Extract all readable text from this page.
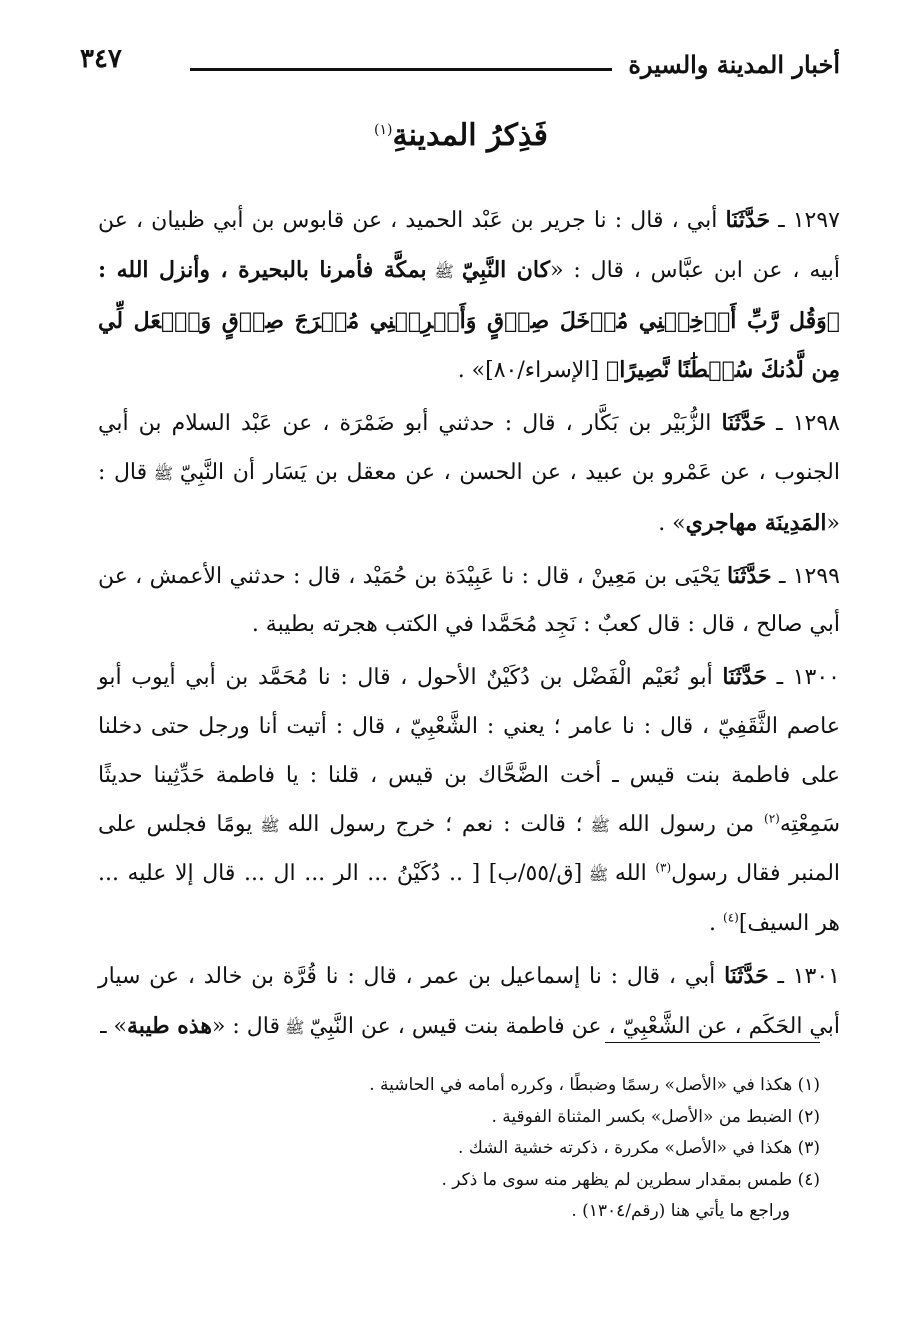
أخبار المدينة والسيرة
٣٤٧
فَذِكرُ المدينةِ$^{(١)}$

١٢٩٧ ـ حَدَّثَنَا أبي ، قال : نا جرير بن عَبْد الحميد ، عن قابوس بن أبي ظبيان ، عن أبيه ، عن ابن عبَّاس ، قال : «كان النَّبِيّ ﷺ بمكَّة فأمرنا بالبحيرة ، وأنزل الله : ﴿وَقُل رَّبِّ أَدۡخِلۡنِي مُدۡخَلَ صِدۡقٍ وَأَخۡرِجۡنِي مُخۡرَجَ صِدۡقٍ وَٱجۡعَل لِّي مِن لَّدُنكَ سُلۡطَٰنًا نَّصِيرًا﴾ [الإسراء/٨٠]» .

١٢٩٨ ـ حَدَّثَنَا الزُّبَيْر بن بَكَّار ، قال : حدثني أبو ضَمْرَة ، عن عَبْد السلام بن أبي الجنوب ، عن عَمْرو بن عبيد ، عن الحسن ، عن معقل بن يَسَار أن النَّبِيّ ﷺ قال : «المَدِينَة مهاجري» .

١٢٩٩ ـ حَدَّثَنَا يَحْيَى بن مَعِينْ ، قال : نا عَبِيْدَة بن حُمَيْد ، قال : حدثني الأعمش ، عن أبي صالح ، قال : قال كعبٌ : نَجِد مُحَمَّدا في الكتب هجرته بطيبة .

١٣٠٠ ـ حَدَّثَنَا أبو نُعَيْم الْفَضْل بن دُكَيْنٌ الأحول ، قال : نا مُحَمَّد بن أبي أيوب أبو عاصم الثَّقَفِيّ ، قال : نا عامر ؛ يعني : الشَّعْبِيّ ، قال : أتيت أنا ورجل حتى دخلنا على فاطمة بنت قيس ـ أخت الضَّحَّاك بن قيس ، قلنا : يا فاطمة حَدِّثِينا حديثًا سَمِعْتِه$^{(٢)}$ من رسول الله ﷺ ؛ قالت : نعم ؛ خرج رسول الله ﷺ يومًا فجلس على المنبر فقال رسول$^{(٣)}$ الله ﷺ [ق/٥٥/ب] [ .. دُكَيْنُ ... الر ... ال ... قال إلا عليه ... هر السيف]$^{(٤)}$ .

١٣٠١ ـ حَدَّثَنَا أبي ، قال : نا إسماعيل بن عمر ، قال : نا قُرَّة بن خالد ، عن سيار أبي الحَكَم ، عن الشَّعْبِيّ ، عن فاطمة بنت قيس ، عن النَّبِيّ ﷺ قال : «هذه طيبة» ـ

(١) هكذا في «الأصل» رسمًا وضبطًا ، وكرره أمامه في الحاشية .
(٢) الضبط من «الأصل» بكسر المثناة الفوقية .
(٣) هكذا في «الأصل» مكررة ، ذكرته خشية الشك .
(٤) طمس بمقدار سطرين لم يظهر منه سوى ما ذكر .
وراجع ما يأتي هنا (رقم/١٣٠٤) .
